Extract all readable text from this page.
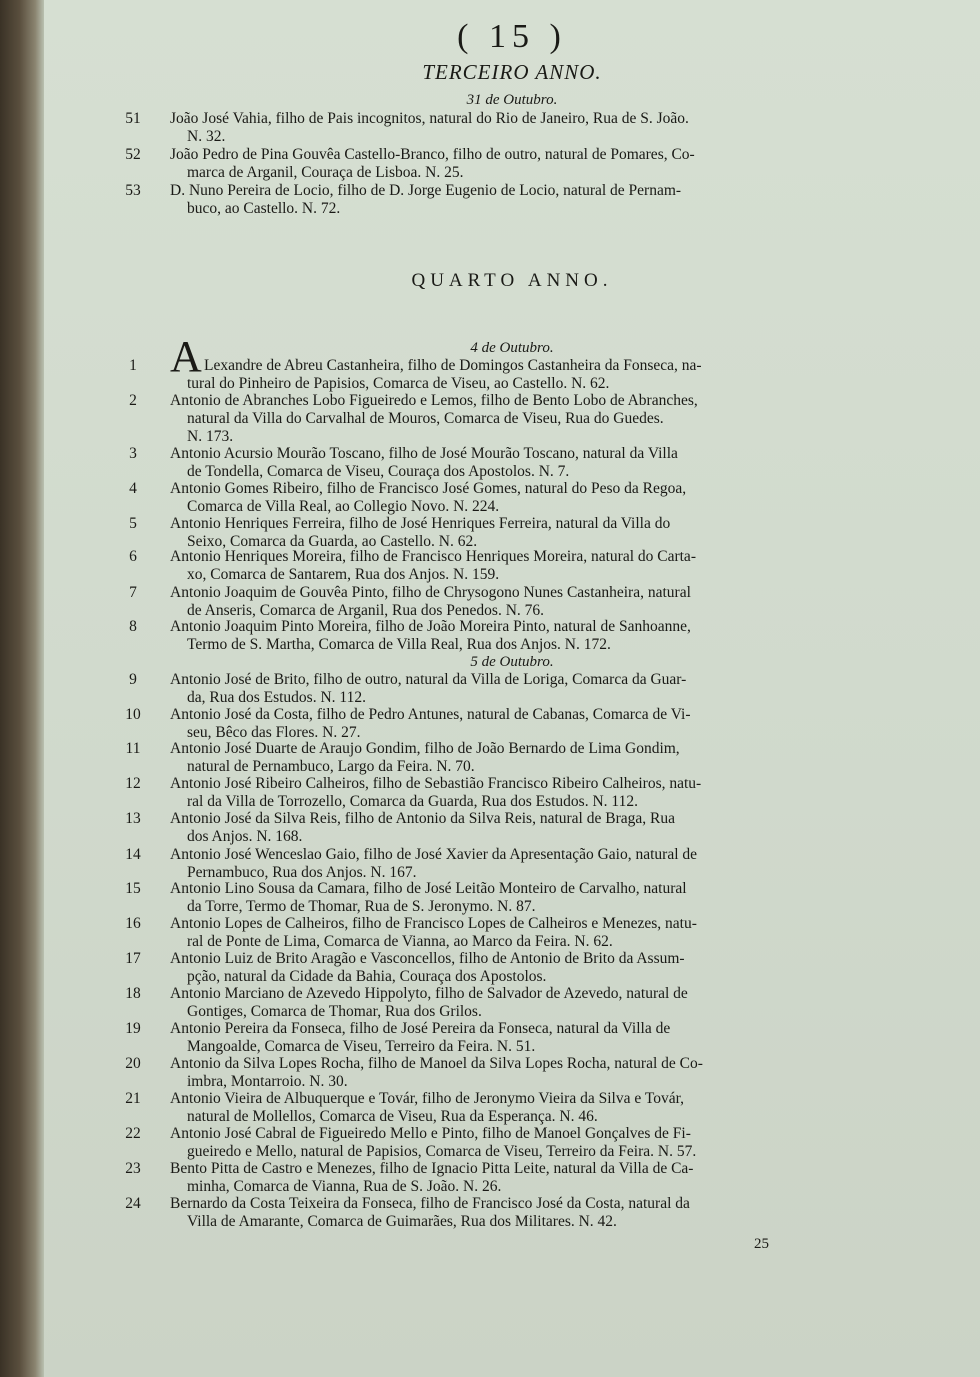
( 15 )
TERCEIRO ANNO.
31 de Outubro.
51	João José Vahia, filho de Pais incognitos, natural do Rio de Janeiro, Rua de S. João.
N. 32.
52	João Pedro de Pina Gouvêa Castello-Branco, filho de outro, natural de Pomares, Co-
marca de Arganil, Couraça de Lisboa. N. 25.
53	D. Nuno Pereira de Locio, filho de D. Jorge Eugenio de Locio, natural de Pernam-
buco, ao Castello. N. 72.
QUARTO ANNO.
4 de Outubro.
A
1	Lexandre de Abreu Castanheira, filho de Domingos Castanheira da Fonseca, na-
tural do Pinheiro de Papisios, Comarca de Viseu, ao Castello. N. 62.
2	Antonio de Abranches Lobo Figueiredo e Lemos, filho de Bento Lobo de Abranches,
natural da Villa do Carvalhal de Mouros, Comarca de Viseu, Rua do Guedes.
N. 173.
3	Antonio Acursio Mourão Toscano, filho de José Mourão Toscano, natural da Villa
de Tondella, Comarca de Viseu, Couraça dos Apostolos. N. 7.
4	Antonio Gomes Ribeiro, filho de Francisco José Gomes, natural do Peso da Regoa,
Comarca de Villa Real, ao Collegio Novo. N. 224.
5	Antonio Henriques Ferreira, filho de José Henriques Ferreira, natural da Villa do
Seixo, Comarca da Guarda, ao Castello. N. 62.
6	Antonio Henriques Moreira, filho de Francisco Henriques Moreira, natural do Carta-
xo, Comarca de Santarem, Rua dos Anjos. N. 159.
7	Antonio Joaquim de Gouvêa Pinto, filho de Chrysogono Nunes Castanheira, natural
de Anseris, Comarca de Arganil, Rua dos Penedos. N. 76.
8	Antonio Joaquim Pinto Moreira, filho de João Moreira Pinto, natural de Sanhoanne,
Termo de S. Martha, Comarca de Villa Real, Rua dos Anjos. N. 172.
5 de Outubro.
9	Antonio José de Brito, filho de outro, natural da Villa de Loriga, Comarca da Guar-
da, Rua dos Estudos. N. 112.
10	Antonio José da Costa, filho de Pedro Antunes, natural de Cabanas, Comarca de Vi-
seu, Bêco das Flores. N. 27.
11	Antonio José Duarte de Araujo Gondim, filho de João Bernardo de Lima Gondim,
natural de Pernambuco, Largo da Feira. N. 70.
12	Antonio José Ribeiro Calheiros, filho de Sebastião Francisco Ribeiro Calheiros, natu-
ral da Villa de Torrozello, Comarca da Guarda, Rua dos Estudos. N. 112.
13	Antonio José da Silva Reis, filho de Antonio da Silva Reis, natural de Braga, Rua
dos Anjos. N. 168.
14	Antonio José Wenceslao Gaio, filho de José Xavier da Apresentação Gaio, natural de
Pernambuco, Rua dos Anjos. N. 167.
15	Antonio Lino Sousa da Camara, filho de José Leitão Monteiro de Carvalho, natural
da Torre, Termo de Thomar, Rua de S. Jeronymo. N. 87.
16	Antonio Lopes de Calheiros, filho de Francisco Lopes de Calheiros e Menezes, natu-
ral de Ponte de Lima, Comarca de Vianna, ao Marco da Feira. N. 62.
17	Antonio Luiz de Brito Aragão e Vasconcellos, filho de Antonio de Brito da Assum-
pção, natural da Cidade da Bahia, Couraça dos Apostolos.
18	Antonio Marciano de Azevedo Hippolyto, filho de Salvador de Azevedo, natural de
Gontiges, Comarca de Thomar, Rua dos Grilos.
19	Antonio Pereira da Fonseca, filho de José Pereira da Fonseca, natural da Villa de
Mangoalde, Comarca de Viseu, Terreiro da Feira. N. 51.
20	Antonio da Silva Lopes Rocha, filho de Manoel da Silva Lopes Rocha, natural de Co-
imbra, Montarroio. N. 30.
21	Antonio Vieira de Albuquerque e Továr, filho de Jeronymo Vieira da Silva e Továr,
natural de Mollellos, Comarca de Viseu, Rua da Esperança. N. 46.
22	Antonio José Cabral de Figueiredo Mello e Pinto, filho de Manoel Gonçalves de Fi-
gueiredo e Mello, natural de Papisios, Comarca de Viseu, Terreiro da Feira. N. 57.
23	Bento Pitta de Castro e Menezes, filho de Ignacio Pitta Leite, natural da Villa de Ca-
minha, Comarca de Vianna, Rua de S. João. N. 26.
24	Bernardo da Costa Teixeira da Fonseca, filho de Francisco José da Costa, natural da
Villa de Amarante, Comarca de Guimarães, Rua dos Militares. N. 42.
25
